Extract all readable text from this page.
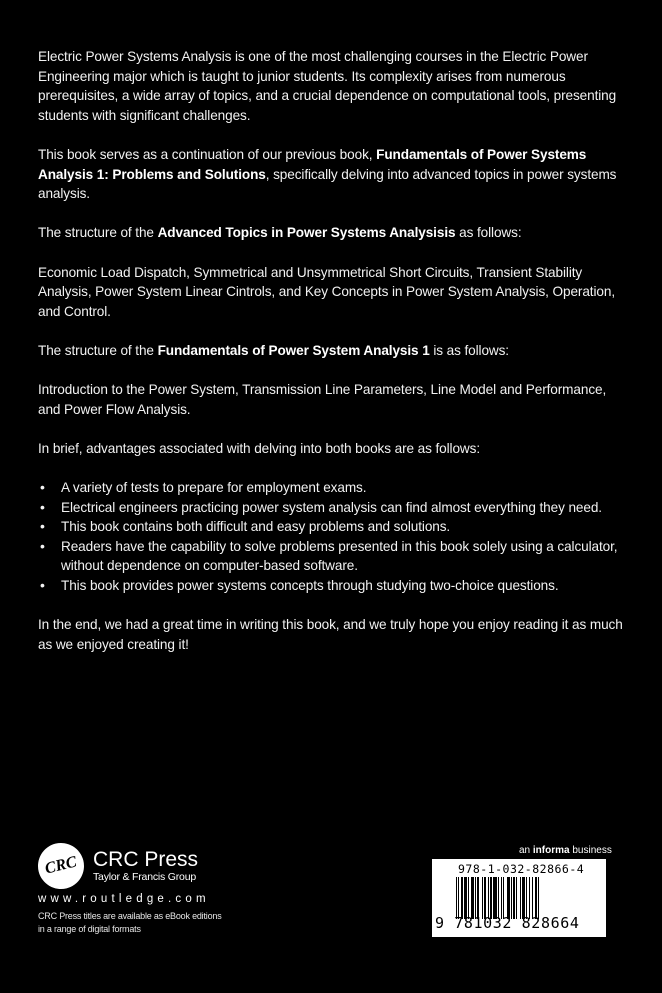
Electric Power Systems Analysis is one of the most challenging courses in the Electric Power Engineering major which is taught to junior students. Its complexity arises from numerous prerequisites, a wide array of topics, and a crucial dependence on computational tools, presenting students with significant challenges.

This book serves as a continuation of our previous book, Fundamentals of Power Systems Analysis 1: Problems and Solutions, specifically delving into advanced topics in power systems analysis.

The structure of the Advanced Topics in Power Systems Analysisis as follows:

Economic Load Dispatch, Symmetrical and Unsymmetrical Short Circuits, Transient Stability Analysis, Power System Linear Cintrols, and Key Concepts in Power System Analysis, Operation, and Control.

The structure of the Fundamentals of Power System Analysis 1 is as follows:

Introduction to the Power System, Transmission Line Parameters, Line Model and Performance, and Power Flow Analysis.

In brief, advantages associated with delving into both books are as follows:

• A variety of tests to prepare for employment exams.
• Electrical engineers practicing power system analysis can find almost everything they need.
• This book contains both difficult and easy problems and solutions.
• Readers have the capability to solve problems presented in this book solely using a calculator, without dependence on computer-based software.
• This book provides power systems concepts through studying two-choice questions.

In the end, we had a great time in writing this book, and we truly hope you enjoy reading it as much as we enjoyed creating it!

CRC CRC Press
Taylor & Francis Group
www.routledge.com
CRC Press titles are available as eBook editions
in a range of digital formats
an informa business
978-1-032-82866-4
9 781032 828664
